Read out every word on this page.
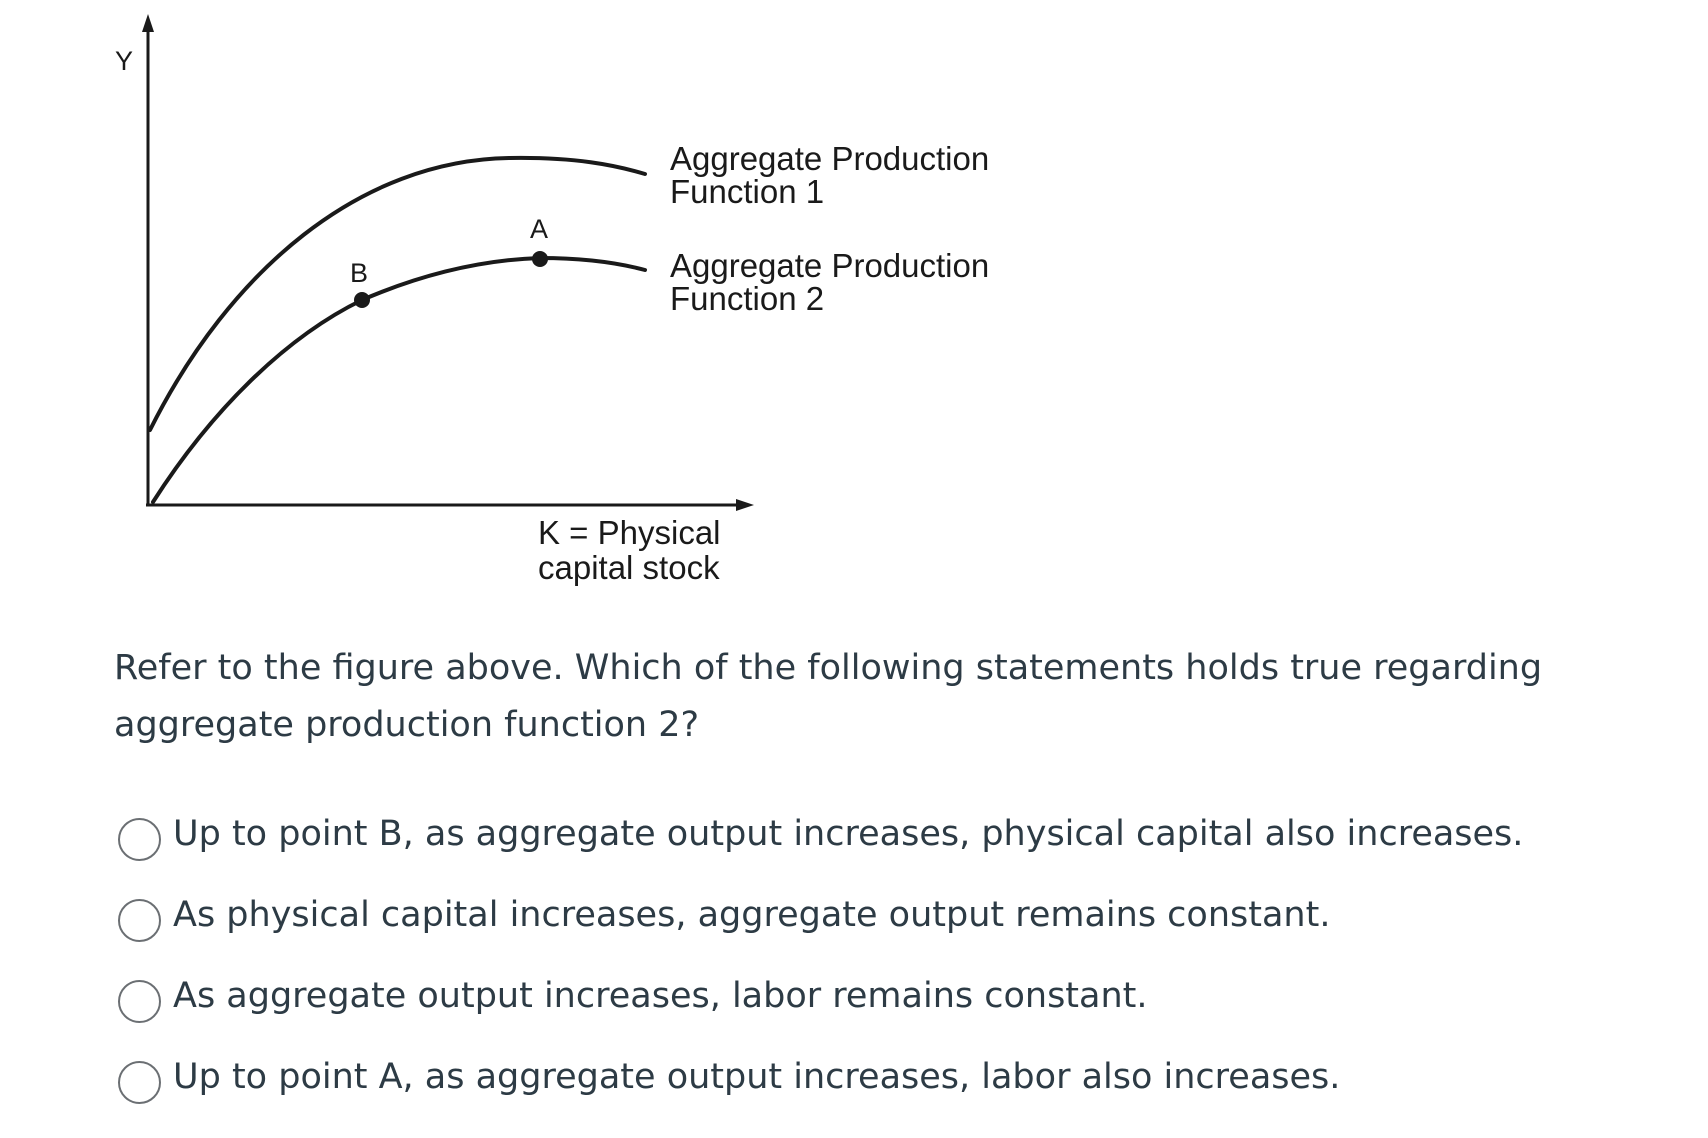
Y
B
A
Aggregate Production
Function 1
Aggregate Production
Function 2
K = Physical
capital stock

Refer to the figure above. Which of the following statements holds true regarding aggregate production function 2?

Up to point B, as aggregate output increases, physical capital also increases.
As physical capital increases, aggregate output remains constant.
As aggregate output increases, labor remains constant.
Up to point A, as aggregate output increases, labor also increases.
